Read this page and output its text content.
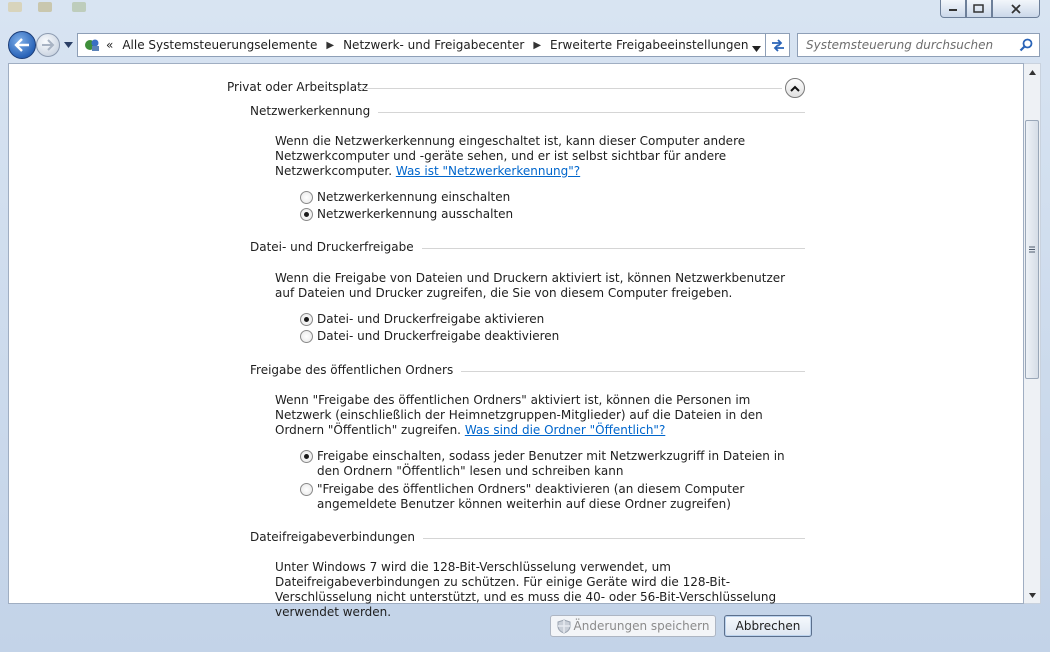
« Alle Systemsteuerungselemente ▶ Netzwerk- und Freigabecenter ▶ Erweiterte Freigabeeinstellungen
Systemsteuerung durchsuchen
Privat oder Arbeitsplatz
Netzwerkerkennung
Wenn die Netzwerkerkennung eingeschaltet ist, kann dieser Computer andere Netzwerkcomputer und -geräte sehen, und er ist selbst sichtbar für andere Netzwerkcomputer. Was ist "Netzwerkerkennung"?
Netzwerkerkennung einschalten
Netzwerkerkennung ausschalten
Datei- und Druckerfreigabe
Wenn die Freigabe von Dateien und Druckern aktiviert ist, können Netzwerkbenutzer auf Dateien und Drucker zugreifen, die Sie von diesem Computer freigeben.
Datei- und Druckerfreigabe aktivieren
Datei- und Druckerfreigabe deaktivieren
Freigabe des öffentlichen Ordners
Wenn "Freigabe des öffentlichen Ordners" aktiviert ist, können die Personen im Netzwerk (einschließlich der Heimnetzgruppen-Mitglieder) auf die Dateien in den Ordnern "Öffentlich" zugreifen. Was sind die Ordner "Öffentlich"?
Freigabe einschalten, sodass jeder Benutzer mit Netzwerkzugriff in Dateien in den Ordnern "Öffentlich" lesen und schreiben kann
"Freigabe des öffentlichen Ordners" deaktivieren (an diesem Computer angemeldete Benutzer können weiterhin auf diese Ordner zugreifen)
Dateifreigabeverbindungen
Unter Windows 7 wird die 128-Bit-Verschlüsselung verwendet, um Dateifreigabeverbindungen zu schützen. Für einige Geräte wird die 128-Bit-Verschlüsselung nicht unterstützt, und es muss die 40- oder 56-Bit-Verschlüsselung verwendet werden.
Änderungen speichern Abbrechen
